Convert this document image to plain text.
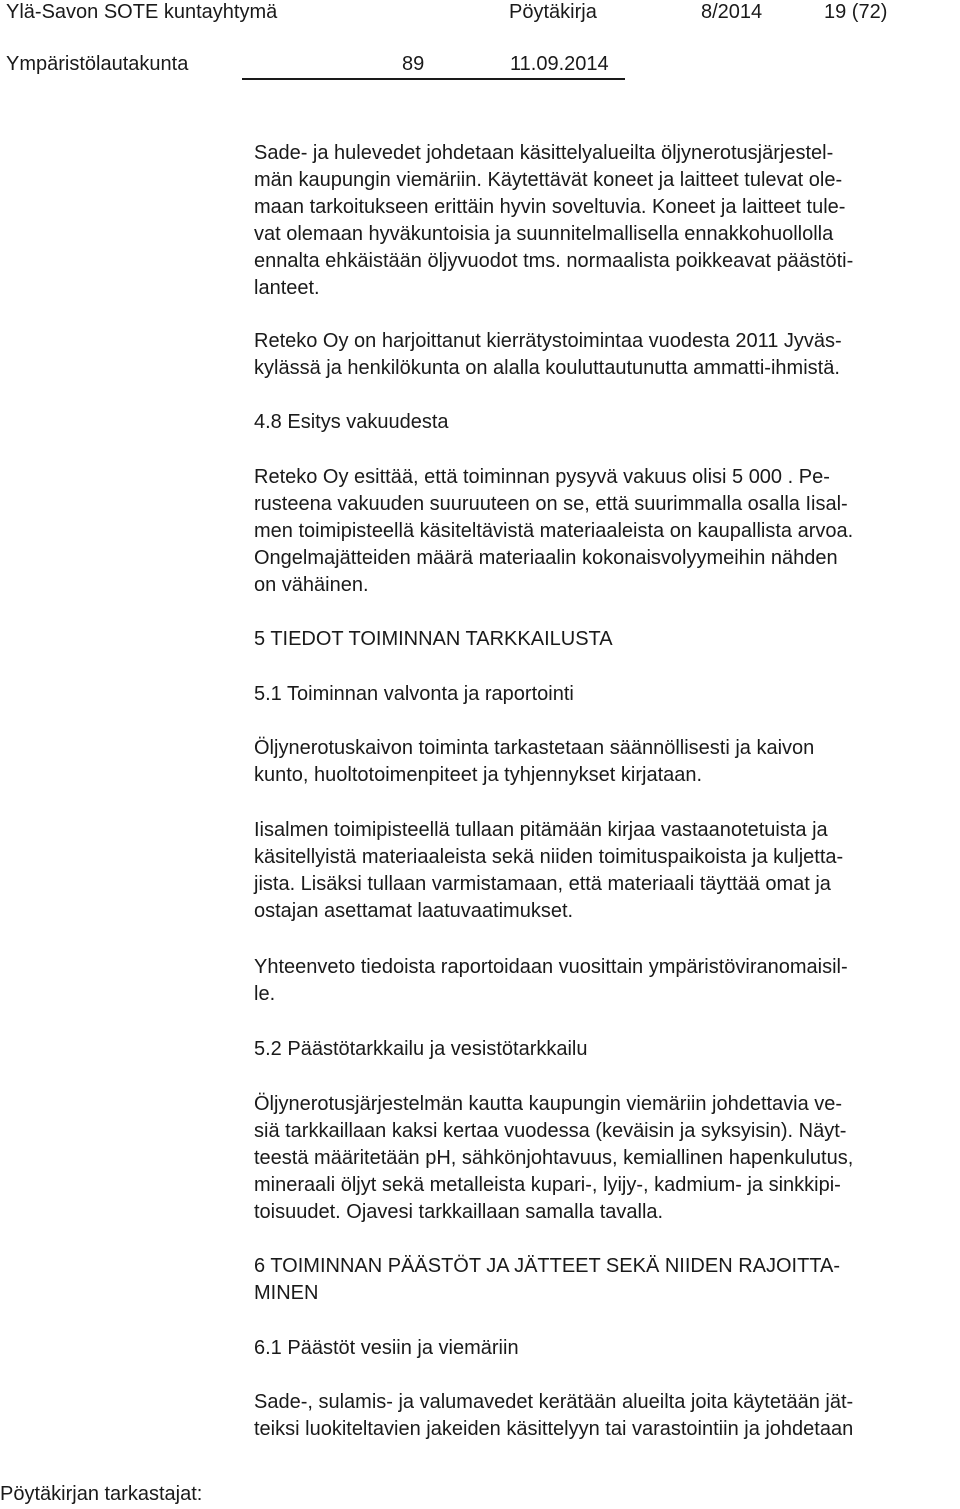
Ylä-Savon SOTE kuntayhtymä	Pöytäkirja	8/2014	19 (72)
Ympäristölautakunta	89	11.09.2014
Sade- ja hulevedet johdetaan käsittelyalueilta öljynerotusjärjestel-
män kaupungin viemäriin. Käytettävät koneet ja laitteet tulevat ole-
maan tarkoitukseen erittäin hyvin soveltuvia. Koneet ja laitteet tule-
vat olemaan hyväkuntoisia ja suunnitelmallisella ennakkohuollolla
ennalta ehkäistään öljyvuodot tms. normaalista poikkeavat päästöti-
lanteet.
Reteko Oy on harjoittanut kierrätystoimintaa vuodesta 2011 Jyväs-
kylässä ja henkilökunta on alalla kouluttautunutta ammatti-ihmistä.
4.8 Esitys vakuudesta
Reteko Oy esittää, että toiminnan pysyvä vakuus olisi 5 000 . Pe-
rusteena vakuuden suuruuteen on se, että suurimmalla osalla Iisal-
men toimipisteellä käsiteltävistä materiaaleista on kaupallista arvoa.
Ongelmajätteiden määrä materiaalin kokonaisvolyymeihin nähden
on vähäinen.
5 TIEDOT TOIMINNAN TARKKAILUSTA
5.1 Toiminnan valvonta ja raportointi
Öljynerotuskaivon toiminta tarkastetaan säännöllisesti ja kaivon
kunto, huoltotoimenpiteet ja tyhjennykset kirjataan.
Iisalmen toimipisteellä tullaan pitämään kirjaa vastaanotetuista ja
käsitellyistä materiaaleista sekä niiden toimituspaikoista ja kuljetta-
jista. Lisäksi tullaan varmistamaan, että materiaali täyttää omat ja
ostajan asettamat laatuvaatimukset.
Yhteenveto tiedoista raportoidaan vuosittain ympäristöviranomaisil-
le.
5.2 Päästötarkkailu ja vesistötarkkailu
Öljynerotusjärjestelmän kautta kaupungin viemäriin johdettavia ve-
siä tarkkaillaan kaksi kertaa vuodessa (keväisin ja syksyisin). Näyt-
teestä määritetään pH, sähkönjohtavuus, kemiallinen hapenkulutus,
mineraali öljyt sekä metalleista kupari-, lyijy-, kadmium- ja sinkkipi-
toisuudet. Ojavesi tarkkaillaan samalla tavalla.
6 TOIMINNAN PÄÄSTÖT JA JÄTTEET SEKÄ NIIDEN RAJOITTA-
MINEN
6.1 Päästöt vesiin ja viemäriin
Sade-, sulamis- ja valumavedet kerätään alueilta joita käytetään jät-
teiksi luokiteltavien jakeiden käsittelyyn tai varastointiin ja johdetaan
Pöytäkirjan tarkastajat:
